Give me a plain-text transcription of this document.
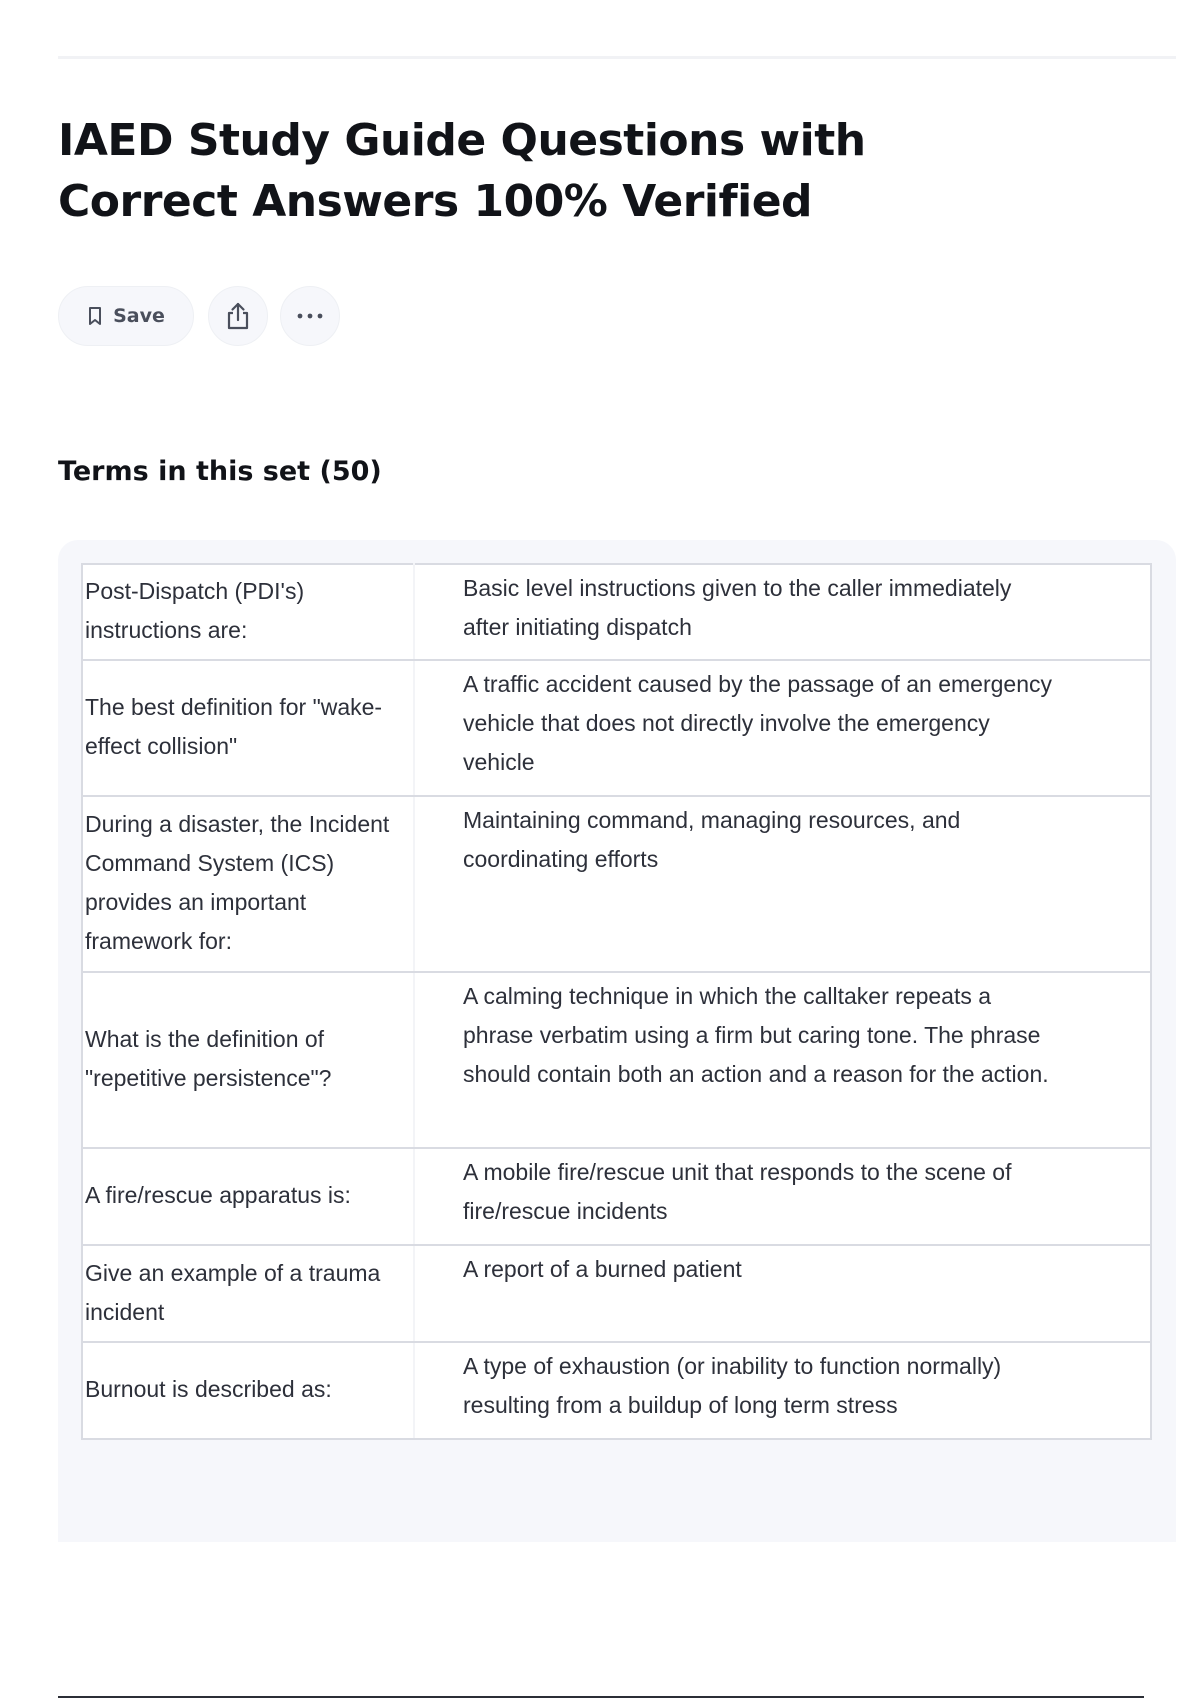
IAED Study Guide Questions with Correct Answers 100% Verified
Save
Terms in this set (50)
Post-Dispatch (PDI's) instructions are:	Basic level instructions given to the caller immediately after initiating dispatch
The best definition for "wake-effect collision"	A traffic accident caused by the passage of an emergency vehicle that does not directly involve the emergency vehicle
During a disaster, the Incident Command System (ICS) provides an important framework for:	Maintaining command, managing resources, and coordinating efforts
What is the definition of "repetitive persistence"?	A calming technique in which the calltaker repeats a phrase verbatim using a firm but caring tone. The phrase should contain both an action and a reason for the action.
A fire/rescue apparatus is:	A mobile fire/rescue unit that responds to the scene of fire/rescue incidents
Give an example of a trauma incident	A report of a burned patient
Burnout is described as:	A type of exhaustion (or inability to function normally) resulting from a buildup of long term stress
